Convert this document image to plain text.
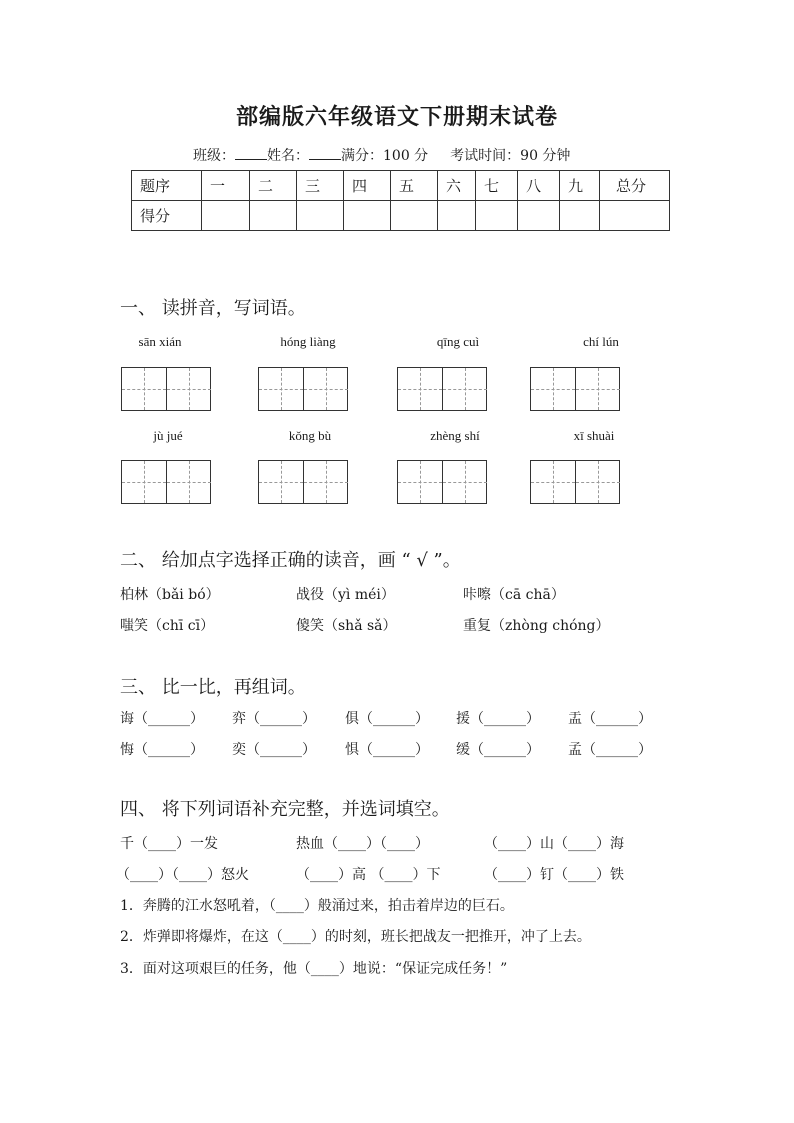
部编版六年级语文下册期末试卷
班级： 姓名： 满分：100 分 考试时间：90 分钟
题序	一	二	三	四	五	六	七	八	九	总分
得分										
一、 读拼音，写词语。
sān xián	hóng liàng	qīng cuì	chí lún
jù jué	kǒng bù	zhèng shí	xī shuài
二、 给加点字选择正确的读音，画 “ √ ”。
柏林（bǎi bó）	战役（yì méi）	咔嚓（cā chā）
嗤笑（chī cī）	傻笑（shǎ sǎ）	重复（zhòng chóng）
三、 比一比，再组词。
诲（______） 弈（______） 俱（______） 援（______） 盂（______）
悔（______） 奕（______） 惧（______） 缓（______） 孟（______）
四、 将下列词语补充完整，并选词填空。
千（____）一发	热血（____）（____）	（____）山（____）海
（____）（____）怒火	（____）高 （____）下	（____）钉（____）铁
1．奔腾的江水怒吼着，（____）般涌过来，拍击着岸边的巨石。
2．炸弹即将爆炸，在这（____）的时刻，班长把战友一把推开，冲了上去。
3．面对这项艰巨的任务，他（____）地说：“保证完成任务！”
